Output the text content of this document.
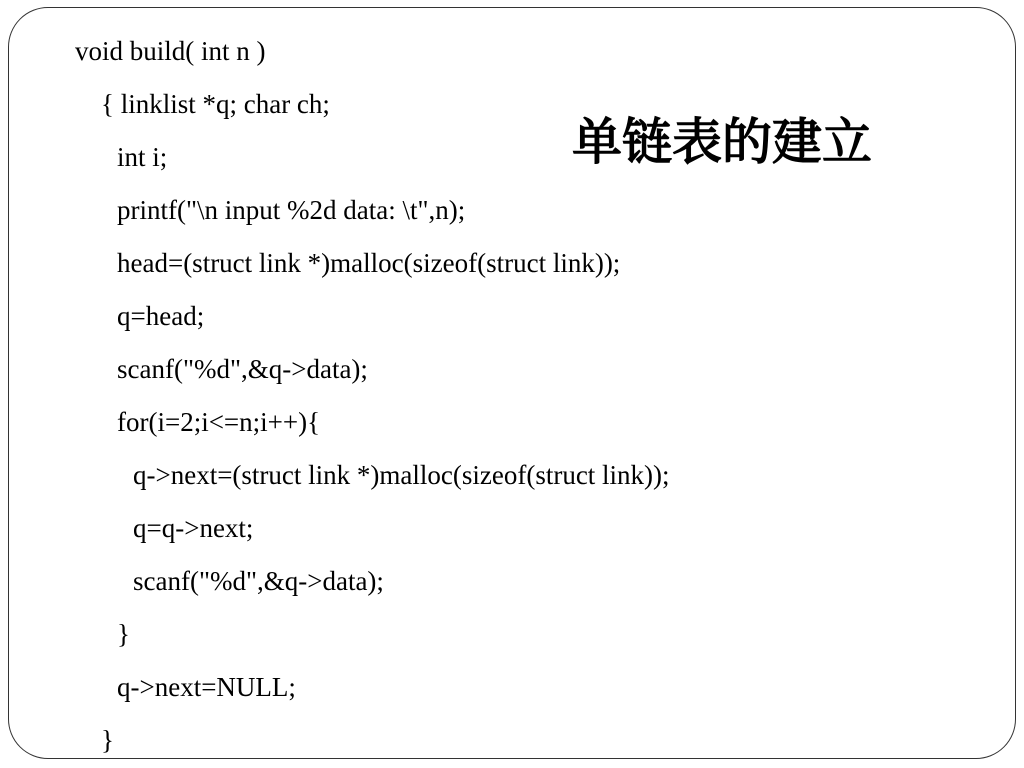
void build( int n )
{ linklist *q; char ch;
int i;
printf("\n input %2d data: \t",n);
head=(struct link *)malloc(sizeof(struct link));
q=head;
scanf("%d",&q->data);
for(i=2;i<=n;i++){
q->next=(struct link *)malloc(sizeof(struct link));
q=q->next;
scanf("%d",&q->data);
}
q->next=NULL;
}
单链表的建立
